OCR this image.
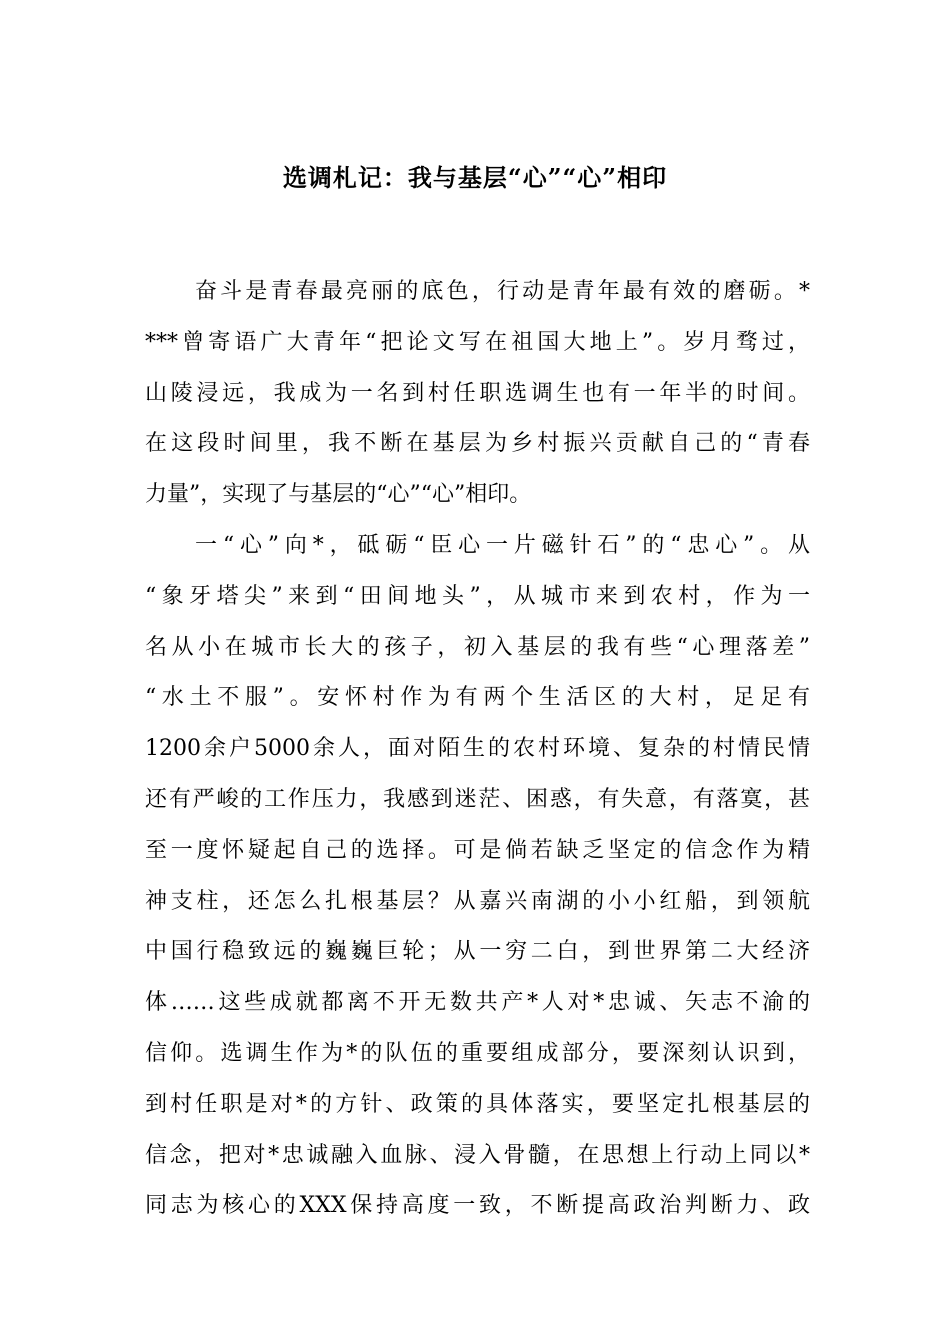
选调札记：我与基层“心”“心”相印
奋斗是青春最亮丽的底色，行动是青年最有效的磨砺。*
***曾寄语广大青年“把论文写在祖国大地上”。岁月骛过，
山陵浸远，我成为一名到村任职选调生也有一年半的时间。
在这段时间里，我不断在基层为乡村振兴贡献自己的“青春
力量”，实现了与基层的“心”“心”相印。
一“心”向*，砥砺“臣心一片磁针石”的“忠心”。从
“象牙塔尖”来到“田间地头”，从城市来到农村，作为一
名从小在城市长大的孩子，初入基层的我有些“心理落差”
“水土不服”。安怀村作为有两个生活区的大村，足足有
1200余户5000余人，面对陌生的农村环境、复杂的村情民情
还有严峻的工作压力，我感到迷茫、困惑，有失意，有落寞，甚
至一度怀疑起自己的选择。可是倘若缺乏坚定的信念作为精
神支柱，还怎么扎根基层？从嘉兴南湖的小小红船，到领航
中国行稳致远的巍巍巨轮；从一穷二白，到世界第二大经济
体……这些成就都离不开无数共产*人对*忠诚、矢志不渝的
信仰。选调生作为*的队伍的重要组成部分，要深刻认识到，
到村任职是对*的方针、政策的具体落实，要坚定扎根基层的
信念，把对*忠诚融入血脉、浸入骨髓，在思想上行动上同以*
同志为核心的XXX保持高度一致，不断提高政治判断力、政
